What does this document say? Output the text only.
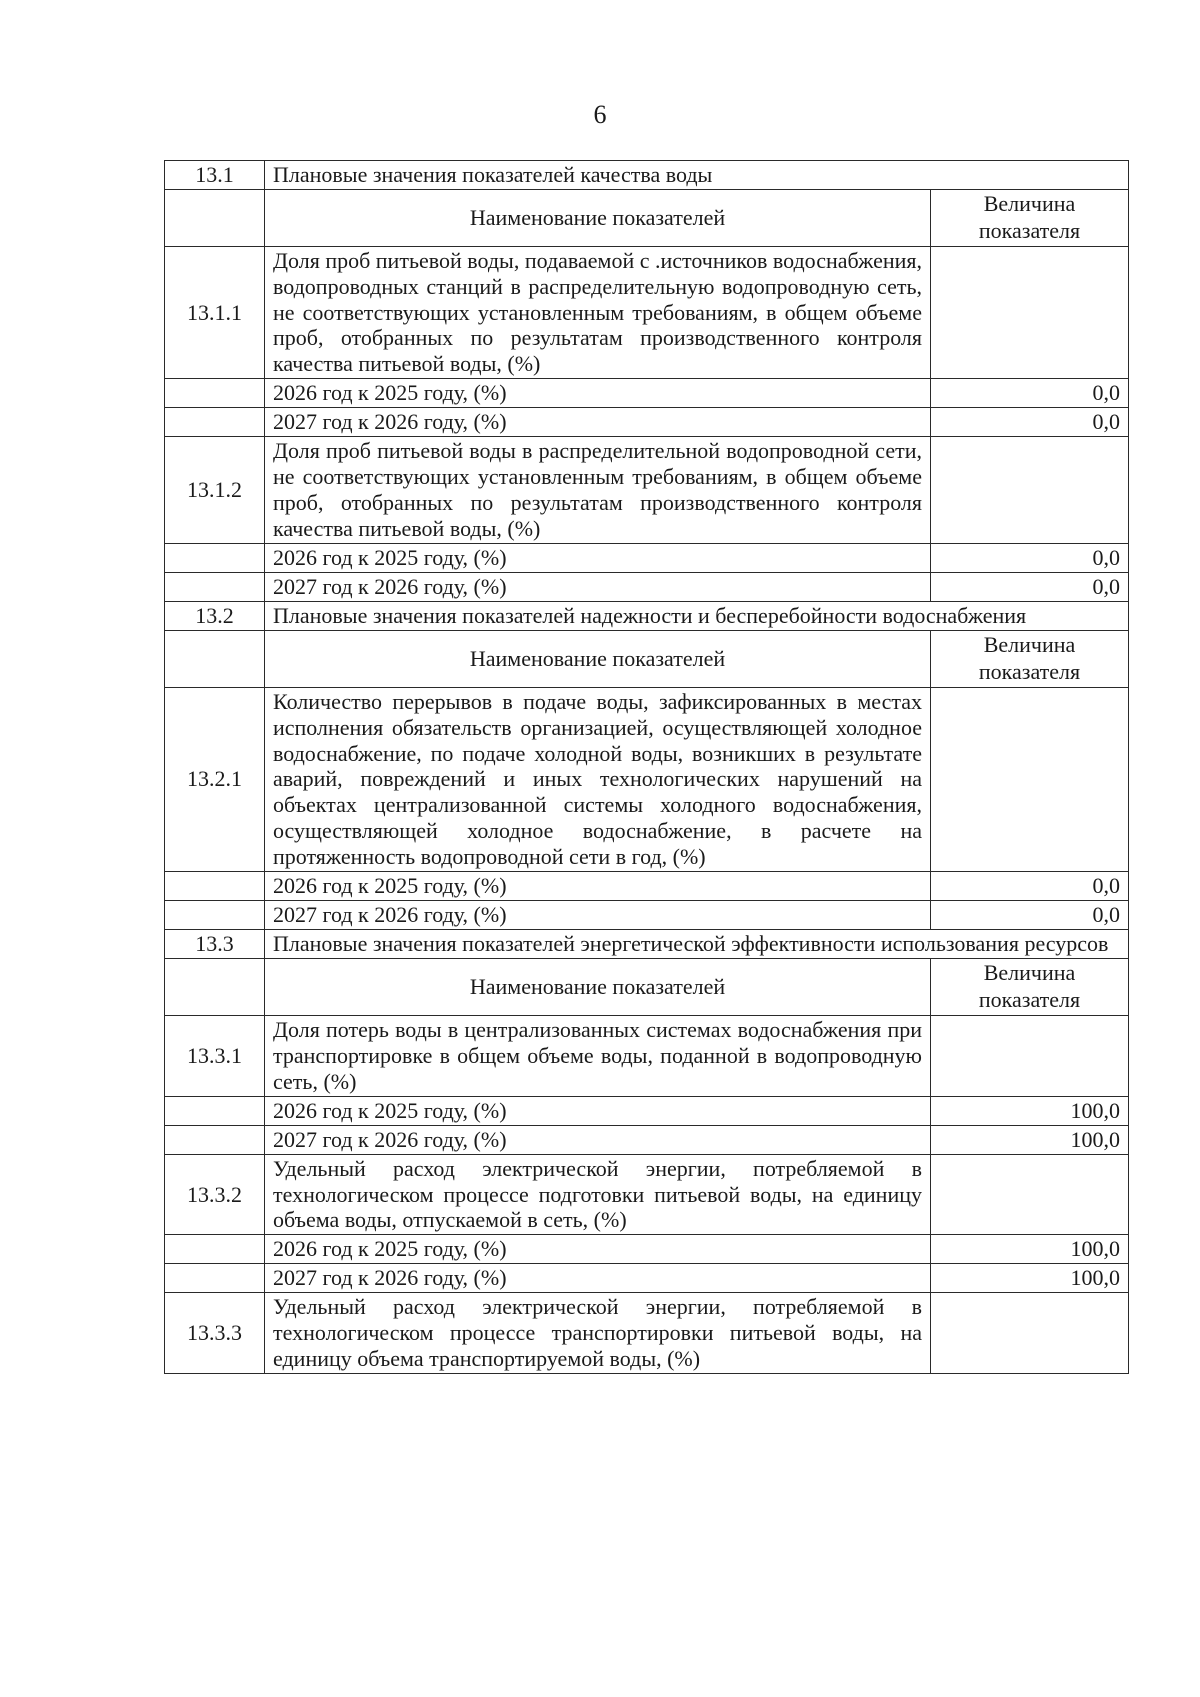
6
13.1	Плановые значения показателей качества воды	
	Наименование показателей	Величина показателя
13.1.1	Доля проб питьевой воды, подаваемой с .источников водоснабжения, водопроводных станций в распределительную водопроводную сеть, не соответствующих установленным требованиям, в общем объеме проб, отобранных по результатам производственного контроля качества питьевой воды, (%)	
	2026 год к 2025 году, (%)	0,0
	2027 год к 2026 году, (%)	0,0
13.1.2	Доля проб питьевой воды в распределительной водопроводной сети, не соответствующих установленным требованиям, в общем объеме проб, отобранных по результатам производственного контроля качества питьевой воды, (%)	
	2026 год к 2025 году, (%)	0,0
	2027 год к 2026 году, (%)	0,0
13.2	Плановые значения показателей надежности и бесперебойности водоснабжения	
	Наименование показателей	Величина показателя
13.2.1	Количество перерывов в подаче воды, зафиксированных в местах исполнения обязательств организацией, осуществляющей холодное водоснабжение, по подаче холодной воды, возникших в результате аварий, повреждений и иных технологических нарушений на объектах централизованной системы холодного водоснабжения, осуществляющей холодное водоснабжение, в расчете на протяженность водопроводной сети в год, (%)	
	2026 год к 2025 году, (%)	0,0
	2027 год к 2026 году, (%)	0,0
13.3	Плановые значения показателей энергетической эффективности использования ресурсов	
	Наименование показателей	Величина показателя
13.3.1	Доля потерь воды в централизованных системах водоснабжения при транспортировке в общем объеме воды, поданной в водопроводную сеть, (%)	
	2026 год к 2025 году, (%)	100,0
	2027 год к 2026 году, (%)	100,0
13.3.2	Удельный расход электрической энергии, потребляемой в технологическом процессе подготовки питьевой воды, на единицу объема воды, отпускаемой в сеть, (%)	
	2026 год к 2025 году, (%)	100,0
	2027 год к 2026 году, (%)	100,0
13.3.3	Удельный расход электрической энергии, потребляемой в технологическом процессе транспортировки питьевой воды, на единицу объема транспортируемой воды, (%)	
